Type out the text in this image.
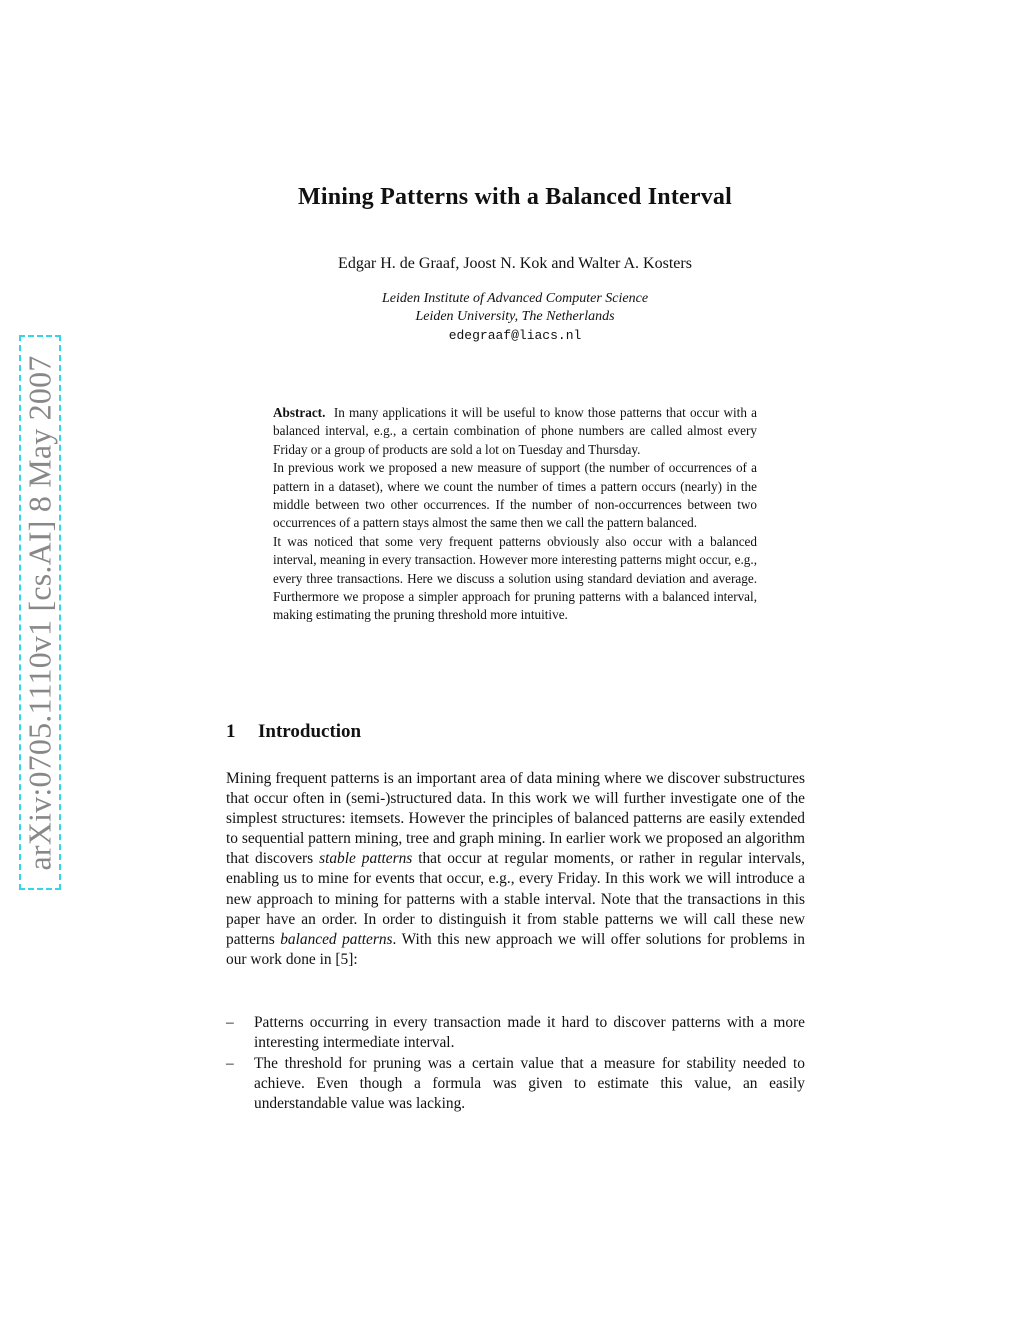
arXiv:0705.1110v1 [cs.AI] 8 May 2007
Mining Patterns with a Balanced Interval
Edgar H. de Graaf, Joost N. Kok and Walter A. Kosters
Leiden Institute of Advanced Computer Science
Leiden University, The Netherlands
edegraaf@liacs.nl

Abstract. In many applications it will be useful to know those patterns that occur with a balanced interval, e.g., a certain combination of phone numbers are called almost every Friday or a group of products are sold a lot on Tuesday and Thursday.

In previous work we proposed a new measure of support (the number of occurrences of a pattern in a dataset), where we count the number of times a pattern occurs (nearly) in the middle between two other occurrences. If the number of non-occurrences between two occurrences of a pattern stays almost the same then we call the pattern balanced.

It was noticed that some very frequent patterns obviously also occur with a balanced interval, meaning in every transaction. However more interesting patterns might occur, e.g., every three transactions. Here we discuss a solution using standard deviation and average. Furthermore we propose a simpler approach for pruning patterns with a balanced interval, making estimating the pruning threshold more intuitive.

1 Introduction

Mining frequent patterns is an important area of data mining where we discover substructures that occur often in (semi-)structured data. In this work we will further investigate one of the simplest structures: itemsets. However the principles of balanced patterns are easily extended to sequential pattern mining, tree and graph mining. In earlier work we proposed an algorithm that discovers stable patterns that occur at regular moments, or rather in regular intervals, enabling us to mine for events that occur, e.g., every Friday. In this work we will introduce a new approach to mining for patterns with a stable interval. Note that the transactions in this paper have an order. In order to distinguish it from stable patterns we will call these new patterns balanced patterns. With this new approach we will offer solutions for problems in our work done in [5]:

– Patterns occurring in every transaction made it hard to discover patterns with a more interesting intermediate interval.
– The threshold for pruning was a certain value that a measure for stability needed to achieve. Even though a formula was given to estimate this value, an easily understandable value was lacking.
